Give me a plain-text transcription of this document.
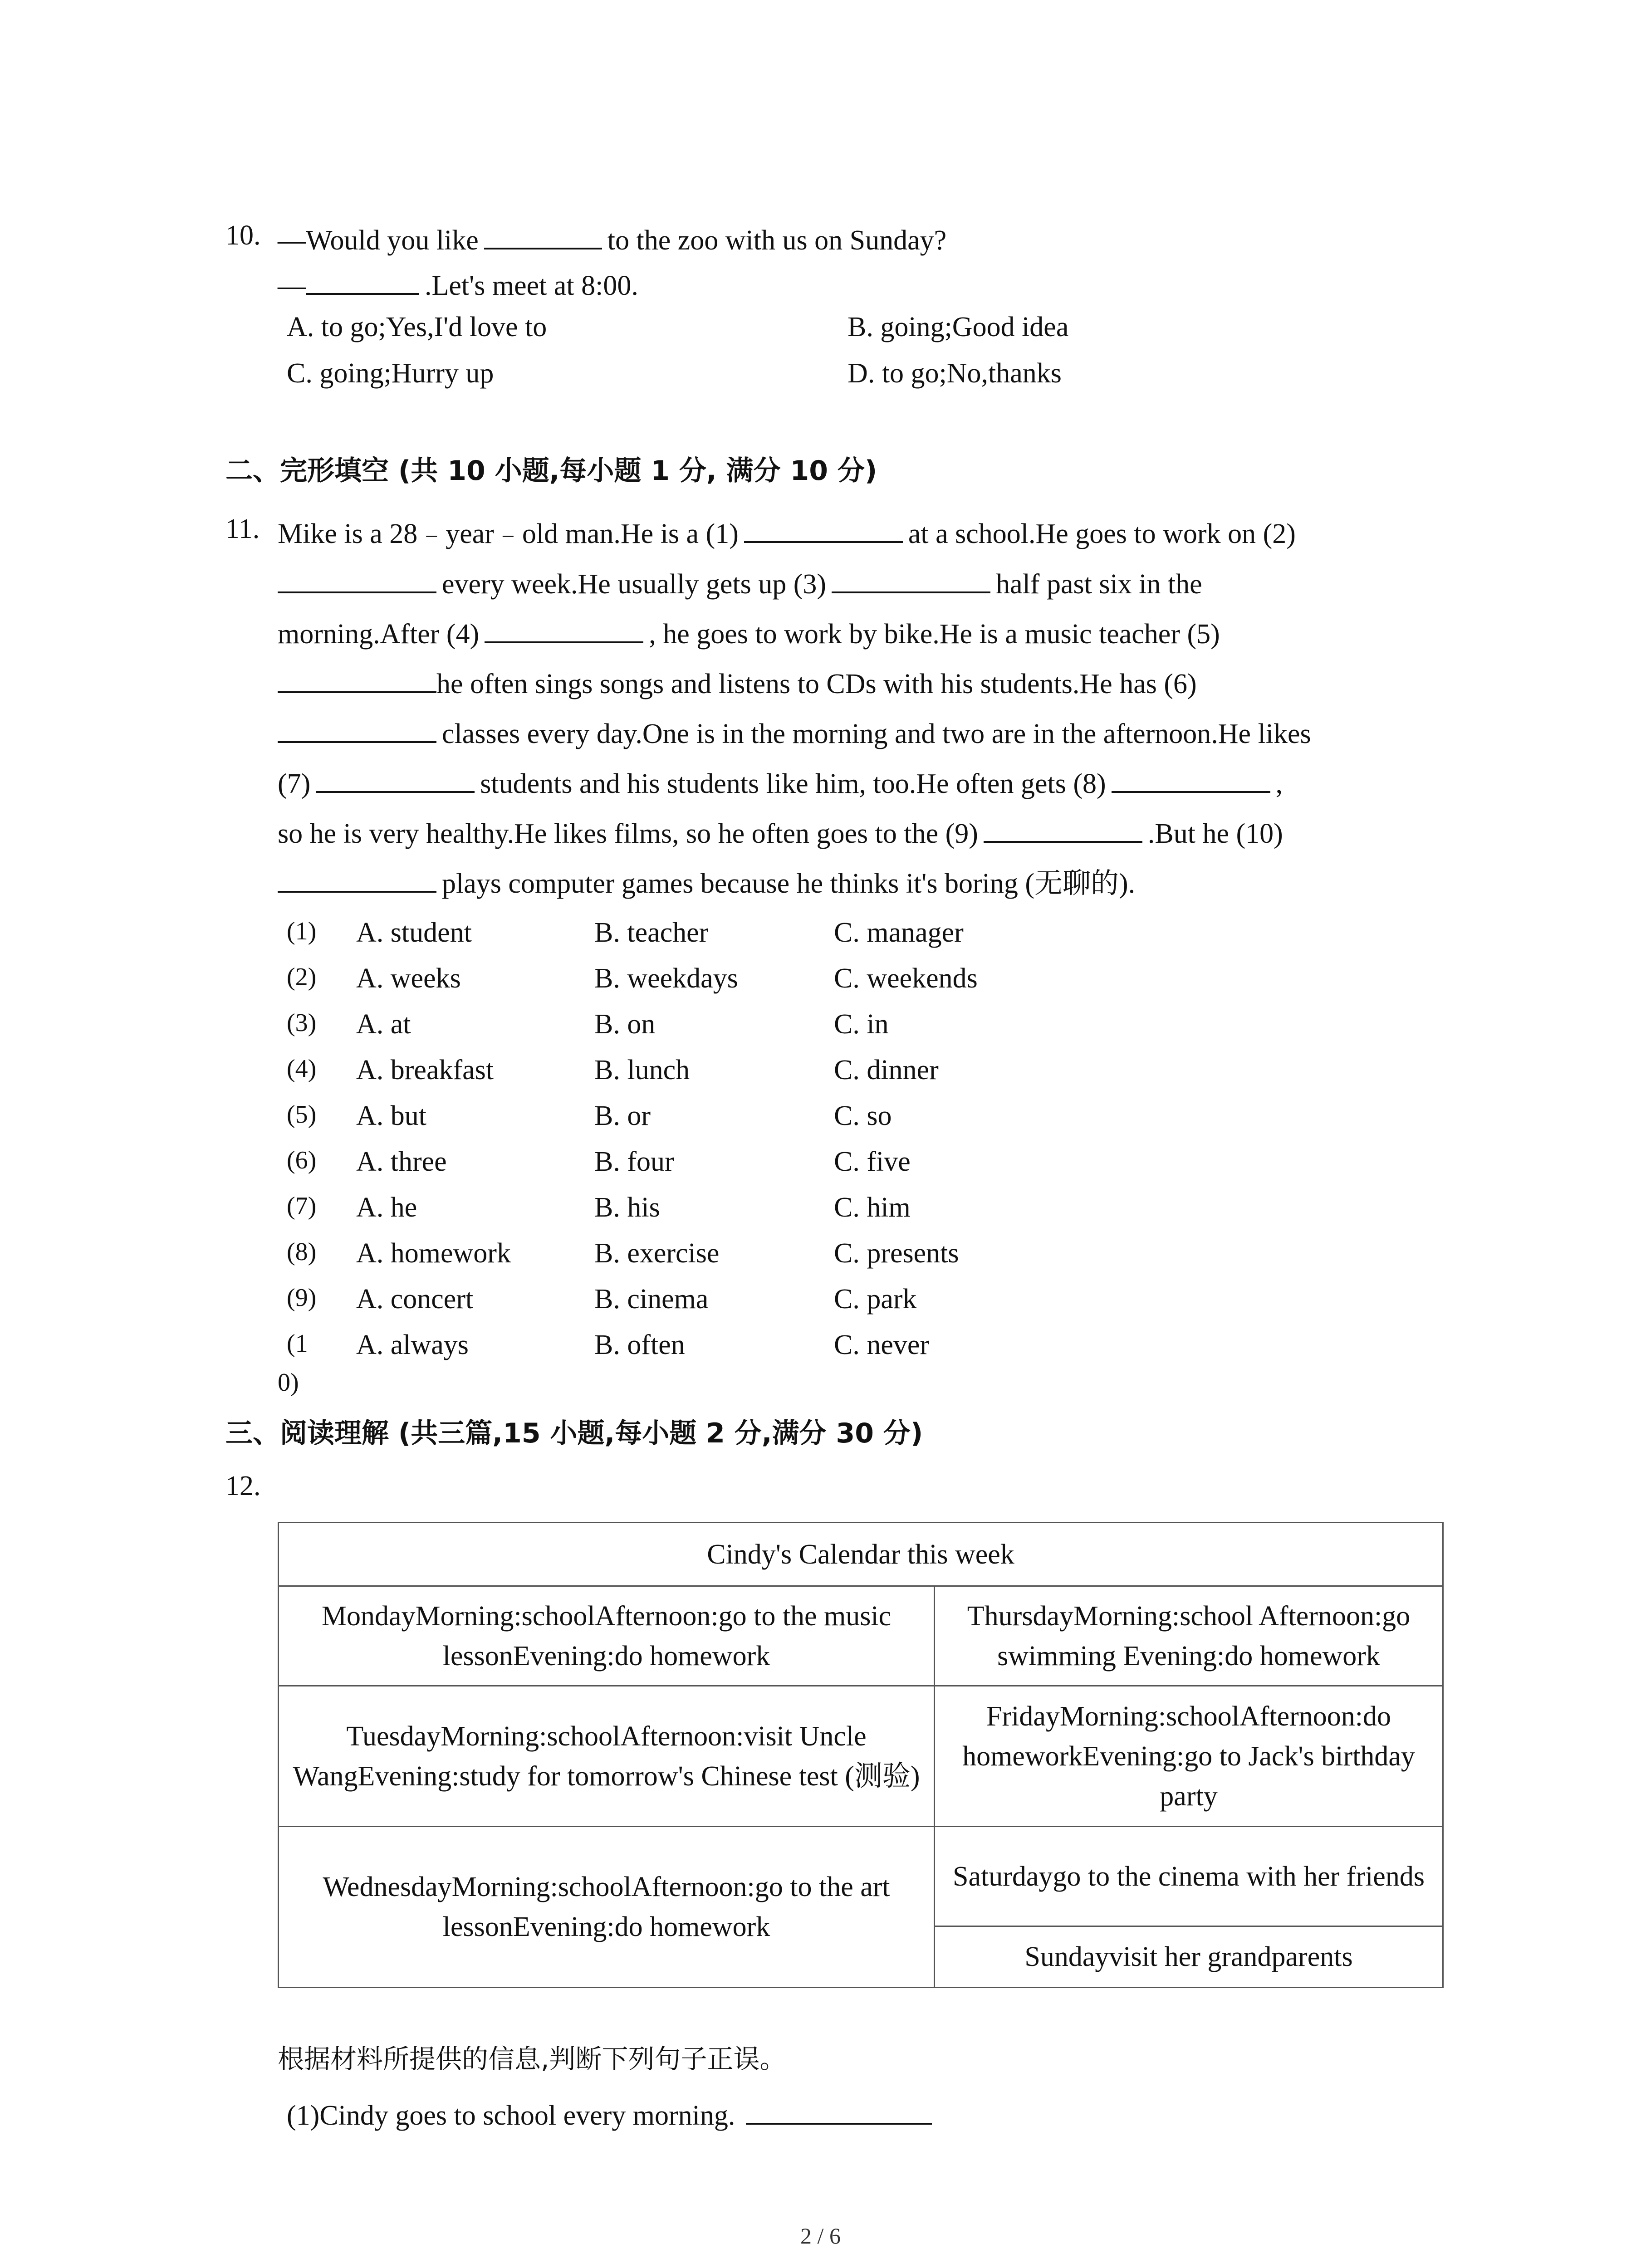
10. —Would you like	to the zoo with us on Sunday?
—	.Let's meet at 8:00.
A. to go;Yes,I'd love to	B. going;Good idea
C. going;Hurry up	D. to go;No,thanks
二、完形填空 (共 10 小题,每小题 1 分, 满分 10 分)
11. Mike is a 28﹣year﹣old man.He is a (1)	at a school.He goes to work on (2)
every week.He usually gets up (3)	half past six in the
morning.After (4)	, he goes to work by bike.He is a music teacher (5)
he often sings songs and listens to CDs with his students.He has (6)
classes every day.One is in the morning and two are in the afternoon.He likes
(7)	students and his students like him, too.He often gets (8)	,
so he is very healthy.He likes films, so he often goes to the (9)	.But he (10)
plays computer games because he thinks it's boring (无聊的).
(1) A. student	B. teacher	C. manager
(2) A. weeks	B. weekdays	C. weekends
(3) A. at	B. on	C. in
(4) A. breakfast	B. lunch	C. dinner
(5) A. but	B. or	C. so
(6) A. three	B. four	C. five
(7) A. he	B. his	C. him
(8) A. homework	B. exercise	C. presents
(9) A. concert	B. cinema	C. park
(1 A. always	B. often	C. never
0)
三、阅读理解 (共三篇,15 小题,每小题 2 分,满分 30 分)
12.
Cindy's Calendar this week	
MondayMorning:schoolAfternoon:go to the music lessonEvening:do homework	ThursdayMorning:school Afternoon:go swimming Evening:do homework
TuesdayMorning:schoolAfternoon:visit Uncle WangEvening:study for tomorrow's Chinese test (测验)	FridayMorning:schoolAfternoon:do homeworkEvening:go to Jack's birthday party
WednesdayMorning:schoolAfternoon:go to the art lessonEvening:do homework	Saturdaygo to the cinema with her friends
	Sundayvisit her grandparents
根据材料所提供的信息,判断下列句子正误。
(1)Cindy goes to school every morning.
2 / 6
